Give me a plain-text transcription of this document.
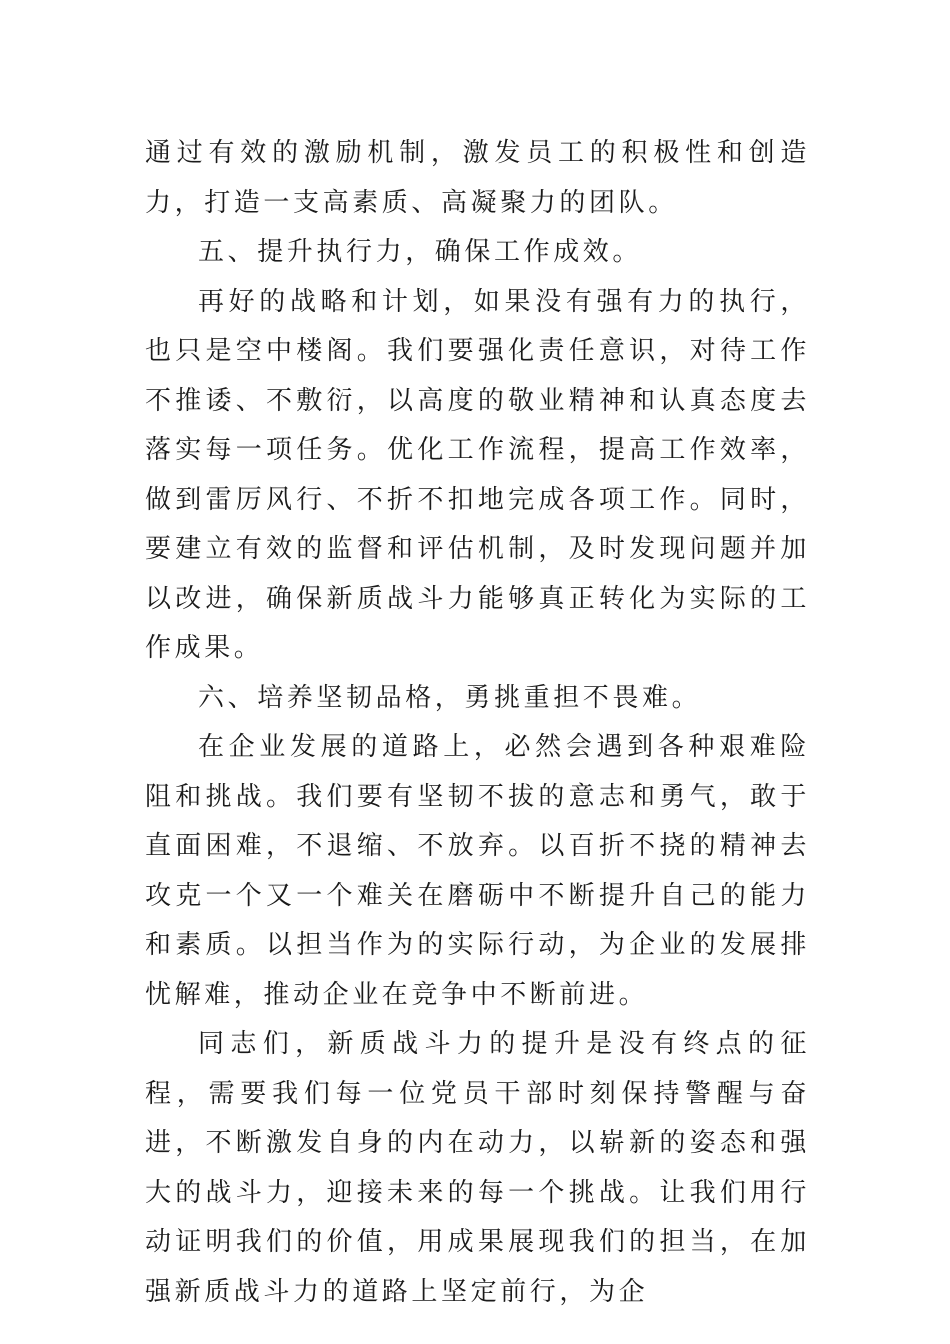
通过有效的激励机制，激发员工的积极性和创造力，打造一支高素质、高凝聚力的团队。

五、提升执行力，确保工作成效。

再好的战略和计划，如果没有强有力的执行，也只是空中楼阁。我们要强化责任意识，对待工作不推诿、不敷衍，以高度的敬业精神和认真态度去落实每一项任务。优化工作流程，提高工作效率，做到雷厉风行、不折不扣地完成各项工作。同时，要建立有效的监督和评估机制，及时发现问题并加以改进，确保新质战斗力能够真正转化为实际的工作成果。

六、培养坚韧品格，勇挑重担不畏难。

在企业发展的道路上，必然会遇到各种艰难险阻和挑战。我们要有坚韧不拔的意志和勇气，敢于直面困难，不退缩、不放弃。以百折不挠的精神去攻克一个又一个难关在磨砺中不断提升自己的能力和素质。以担当作为的实际行动，为企业的发展排忧解难，推动企业在竞争中不断前进。

同志们，新质战斗力的提升是没有终点的征程，需要我们每一位党员干部时刻保持警醒与奋进，不断激发自身的内在动力，以崭新的姿态和强大的战斗力，迎接未来的每一个挑战。让我们用行动证明我们的价值，用成果展现我们的担当，在加强新质战斗力的道路上坚定前行，为企
